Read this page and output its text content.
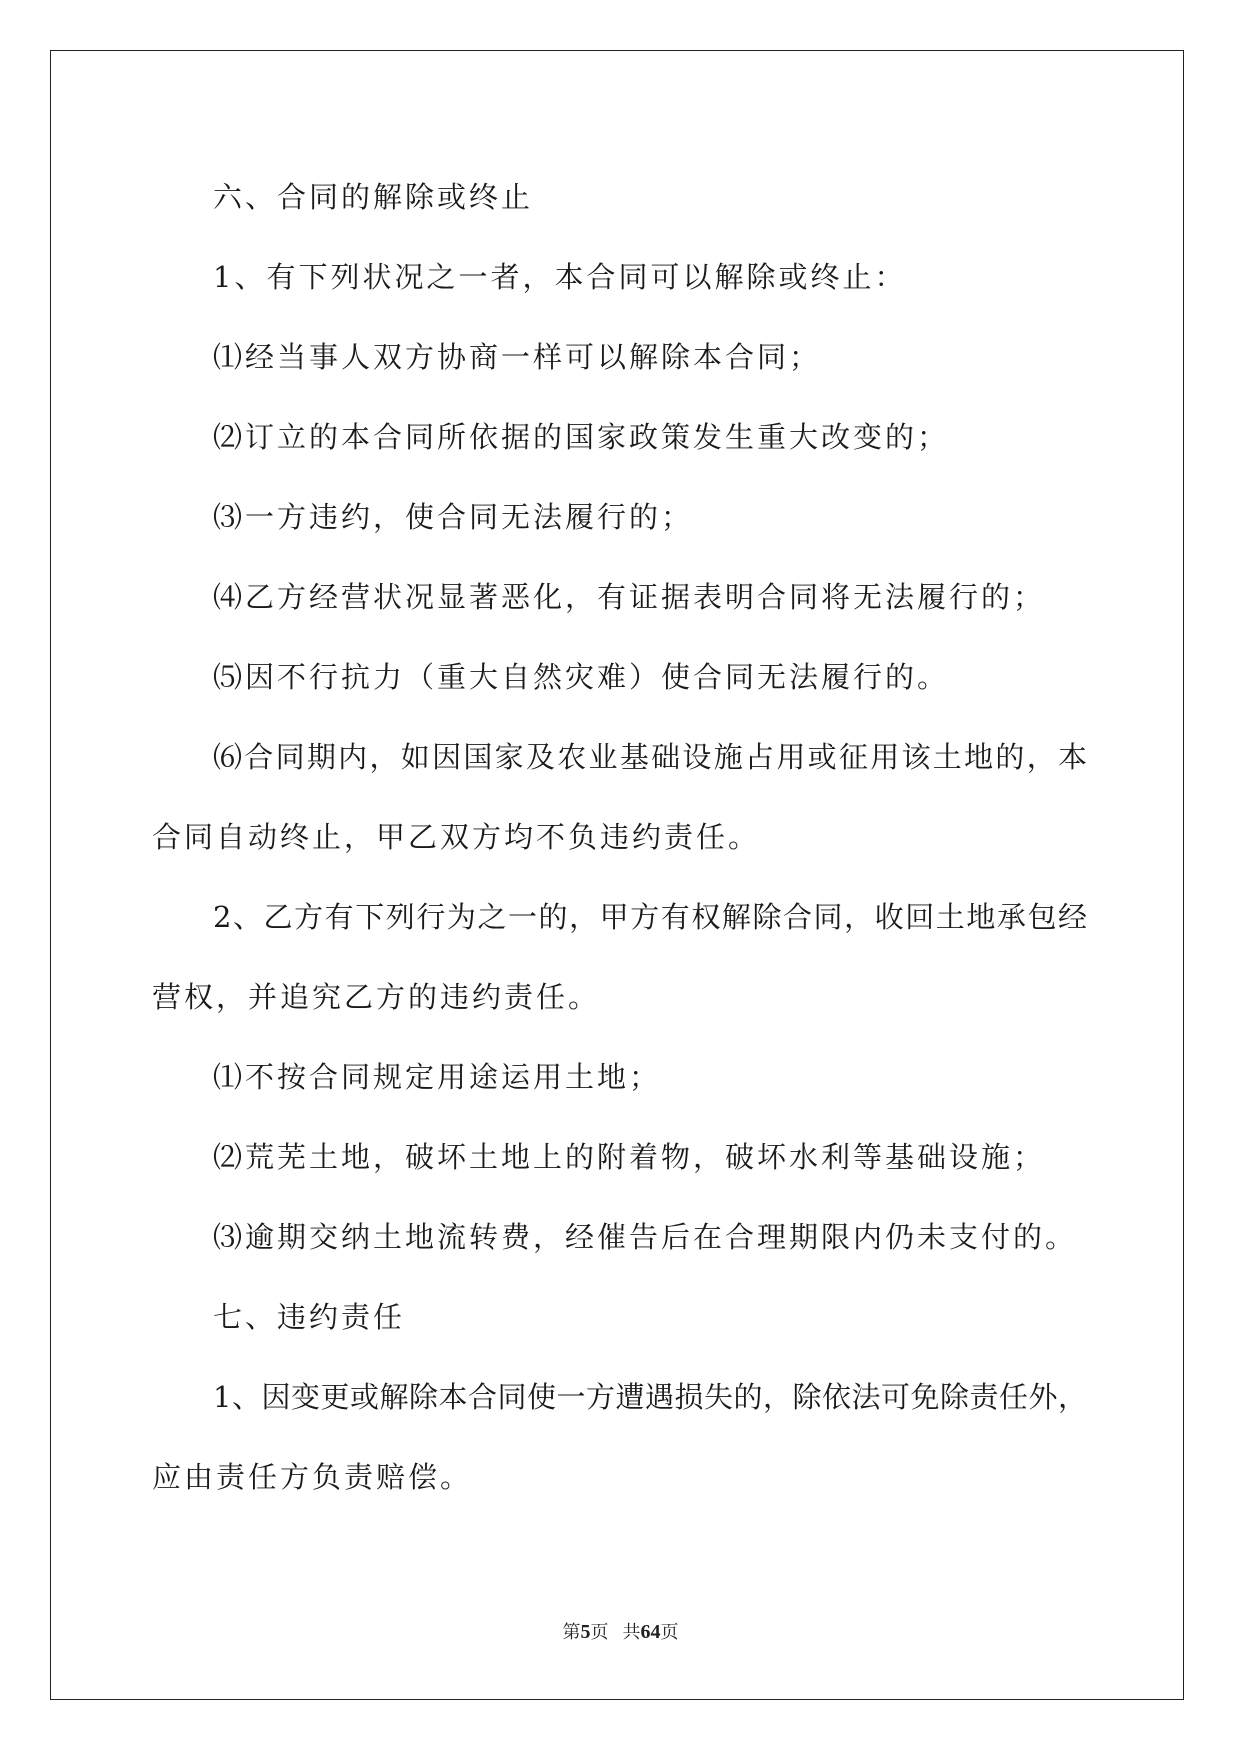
六、合同的解除或终止
1、有下列状况之一者，本合同可以解除或终止：
⑴经当事人双方协商一样可以解除本合同；
⑵订立的本合同所依据的国家政策发生重大改变的；
⑶一方违约，使合同无法履行的；
⑷乙方经营状况显著恶化，有证据表明合同将无法履行的；
⑸因不行抗力（重大自然灾难）使合同无法履行的。
⑹合同期内，如因国家及农业基础设施占用或征用该土地的，本
合同自动终止，甲乙双方均不负违约责任。
2、乙方有下列行为之一的，甲方有权解除合同，收回土地承包经
营权，并追究乙方的违约责任。
⑴不按合同规定用途运用土地；
⑵荒芜土地，破坏土地上的附着物，破坏水利等基础设施；
⑶逾期交纳土地流转费，经催告后在合理期限内仍未支付的。
七、违约责任
1、因变更或解除本合同使一方遭遇损失的，除依法可免除责任外，
应由责任方负责赔偿。
第5页 共64页
